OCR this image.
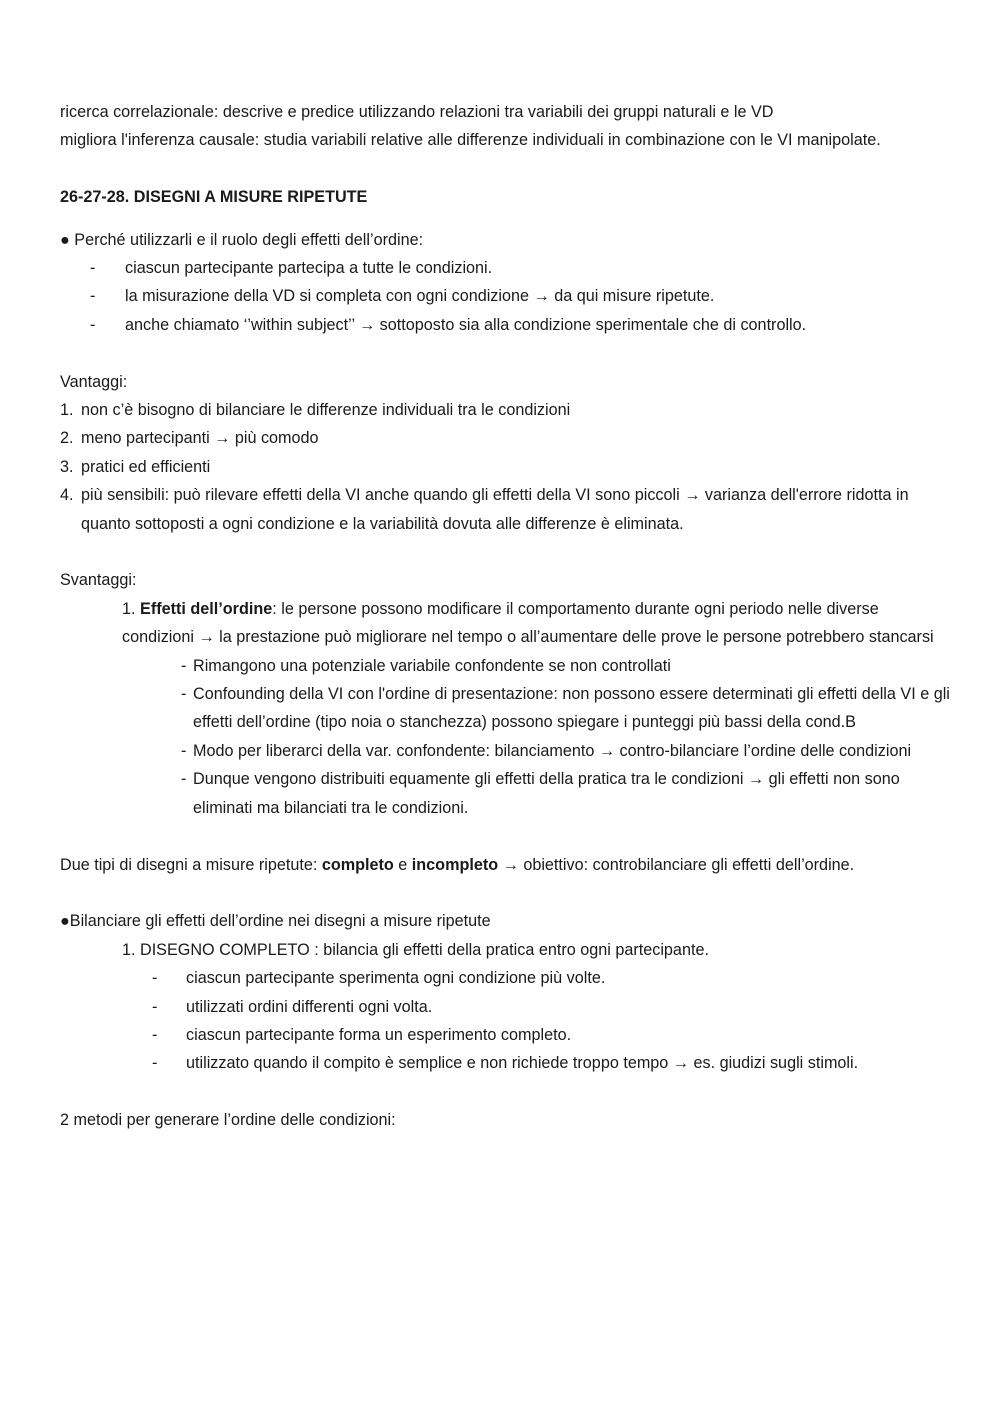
ricerca correlazionale: descrive e predice utilizzando relazioni tra variabili dei gruppi naturali e le VD

migliora l'inferenza causale: studia variabili relative alle differenze individuali in combinazione con le VI manipolate.

26-27-28. DISEGNI A MISURE RIPETUTE

● Perché utilizzarli e il ruolo degli effetti dell’ordine:

-	ciascun partecipante partecipa a tutte le condizioni.
-	la misurazione della VD si completa con ogni condizione → da qui misure ripetute.
-	anche chiamato ‘’within subject’’ → sottoposto sia alla condizione sperimentale che di controllo.

Vantaggi:

1. non c’è bisogno di bilanciare le differenze individuali tra le condizioni
2. meno partecipanti → più comodo
3. pratici ed efficienti
4. più sensibili: può rilevare effetti della VI anche quando gli effetti della VI sono piccoli → varianza dell'errore ridotta in quanto sottoposti a ogni condizione e la variabilità dovuta alle differenze è eliminata.

Svantaggi:

1. Effetti dell’ordine: le persone possono modificare il comportamento durante ogni periodo nelle diverse condizioni → la prestazione può migliorare nel tempo o all’aumentare delle prove le persone potrebbero stancarsi

- Rimangono una potenziale variabile confondente se non controllati
- Confounding della VI con l'ordine di presentazione: non possono essere determinati gli effetti della VI e gli effetti dell’ordine (tipo noia o stanchezza) possono spiegare i punteggi più bassi della cond.B
- Modo per liberarci della var. confondente: bilanciamento → contro-bilanciare l’ordine delle condizioni
- Dunque vengono distribuiti equamente gli effetti della pratica tra le condizioni → gli effetti non sono eliminati ma bilanciati tra le condizioni.

Due tipi di disegni a misure ripetute: completo e incompleto → obiettivo: controbilanciare gli effetti dell’ordine.

●Bilanciare gli effetti dell’ordine nei disegni a misure ripetute

1. DISEGNO COMPLETO : bilancia gli effetti della pratica entro ogni partecipante.

-	ciascun partecipante sperimenta ogni condizione più volte.
-	utilizzati ordini differenti ogni volta.
-	ciascun partecipante forma un esperimento completo.
-	utilizzato quando il compito è semplice e non richiede troppo tempo → es. giudizi sugli stimoli.

2 metodi per generare l’ordine delle condizioni:
